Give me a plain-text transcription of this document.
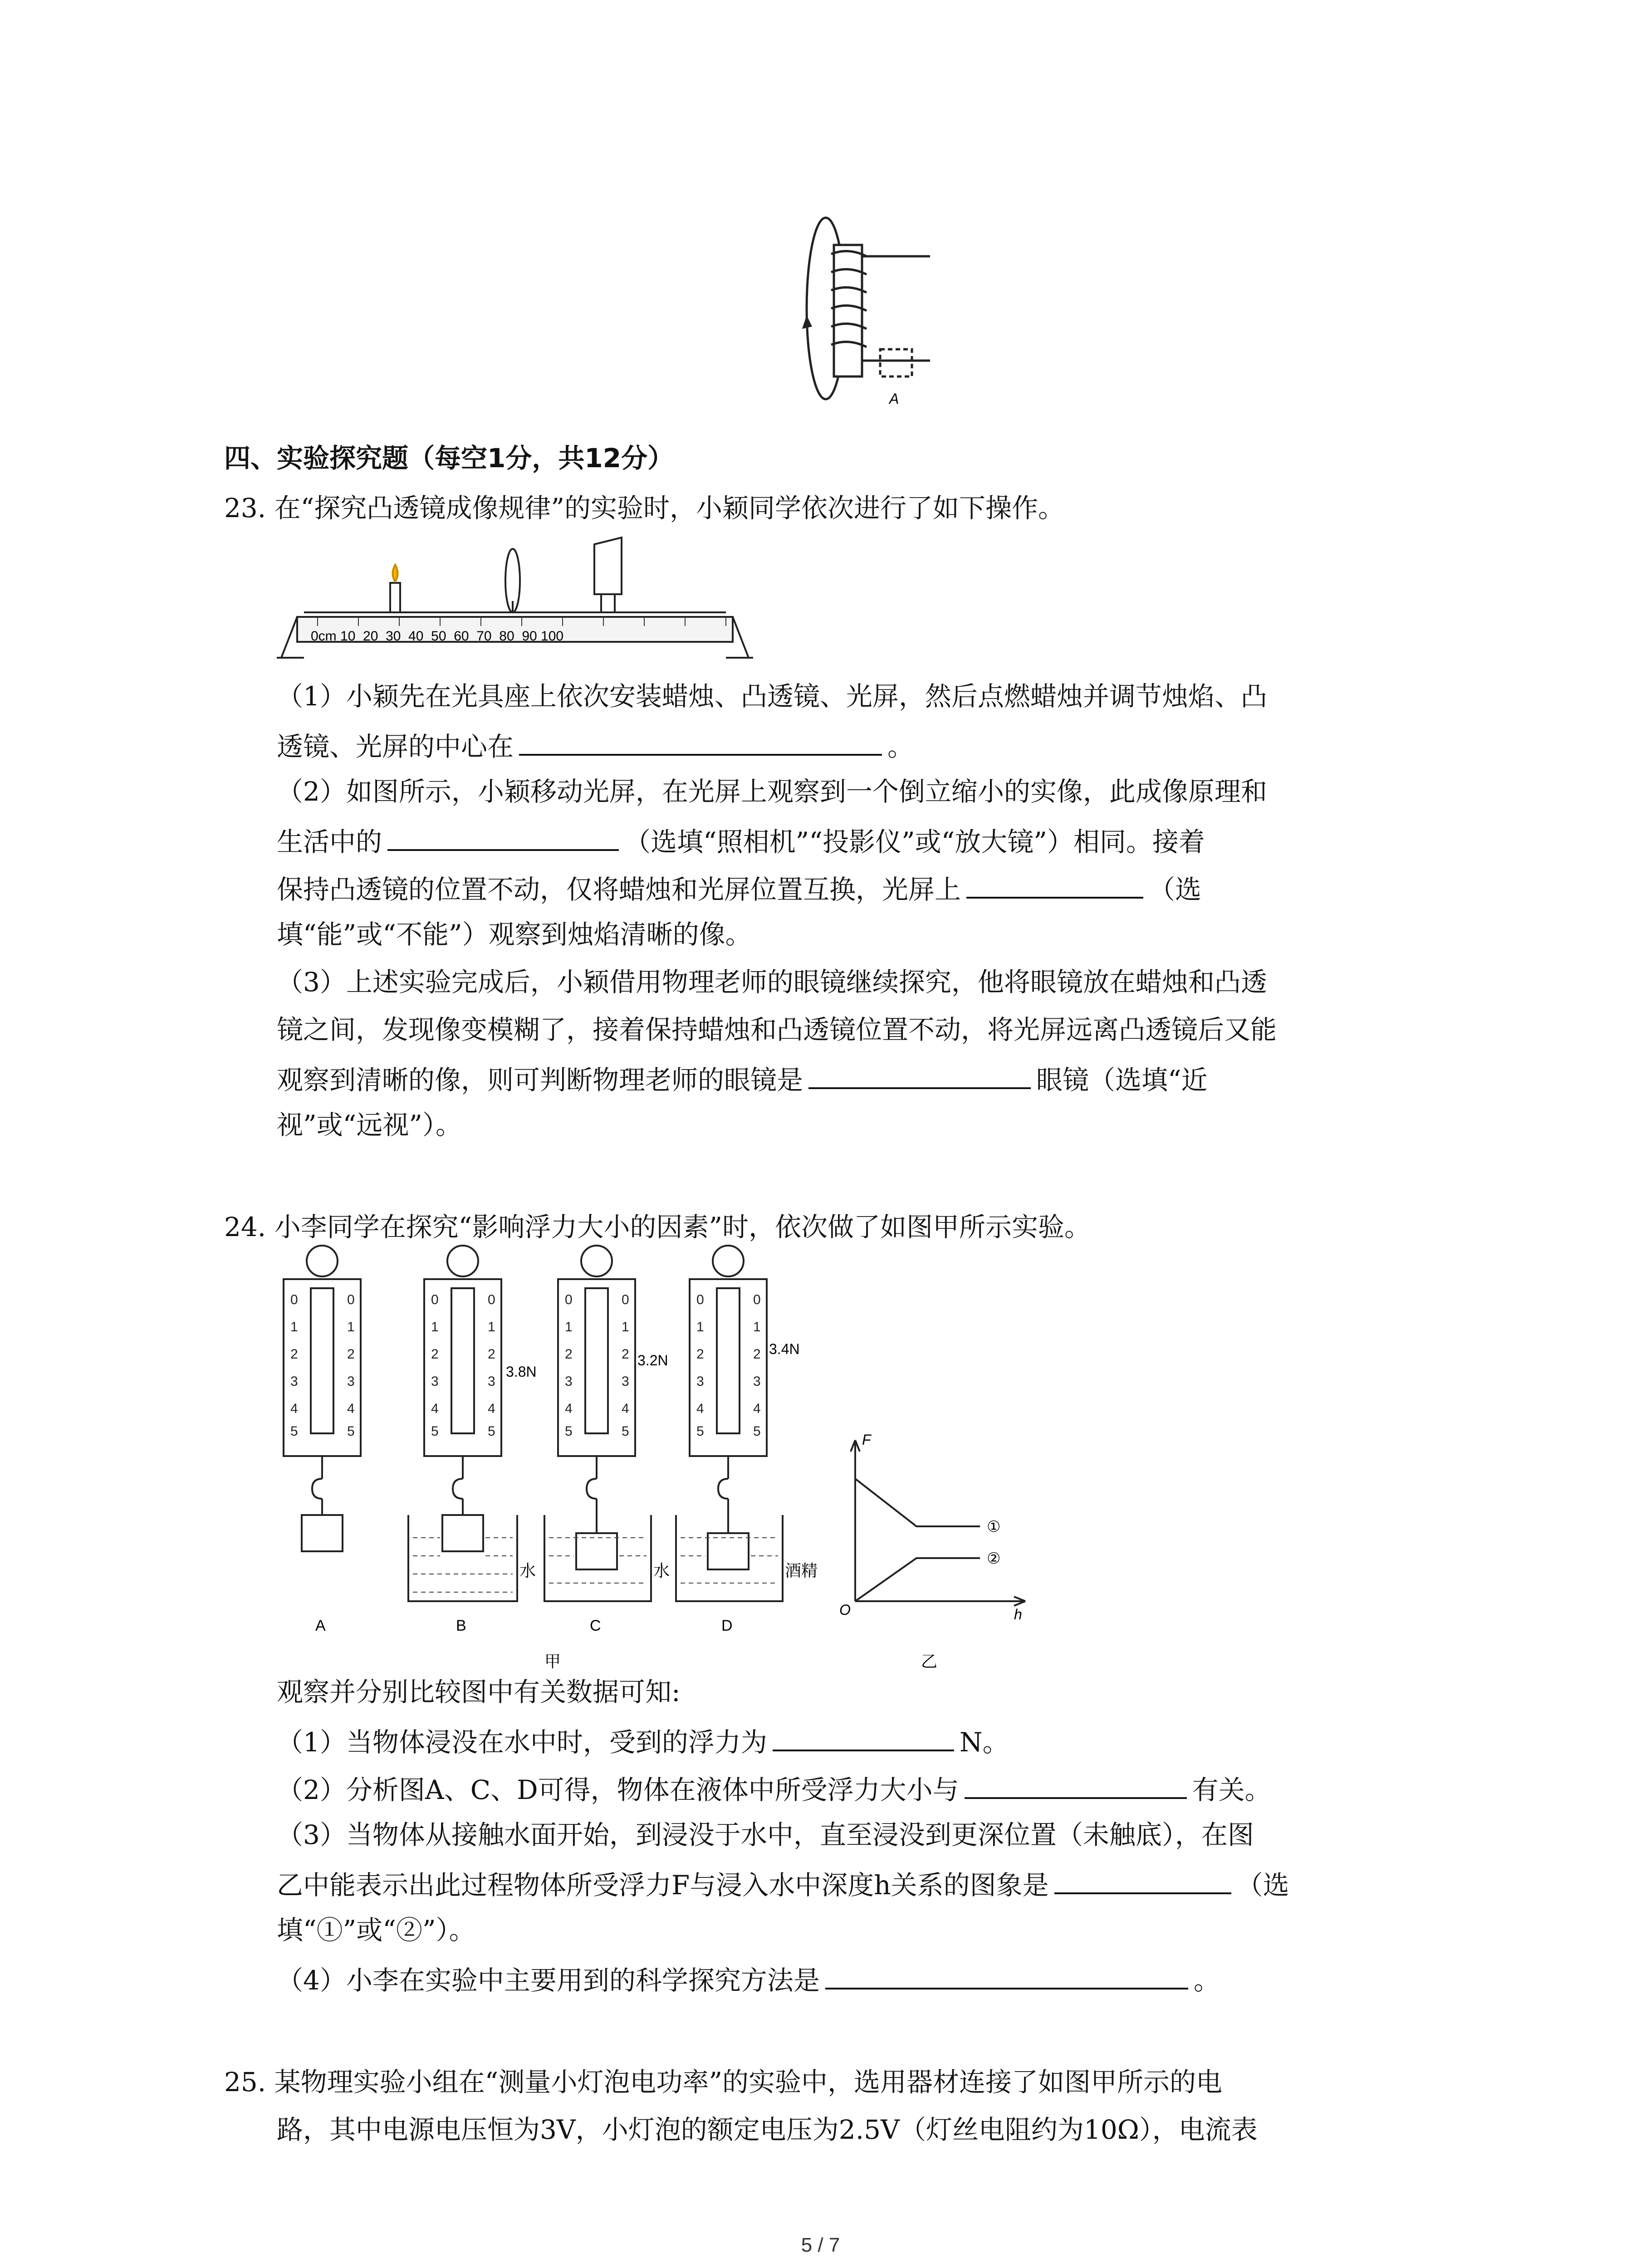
A
四、实验探究题（每空1分，共12分）
23. 在“探究凸透镜成像规律”的实验时，小颖同学依次进行了如下操作。
0cm 10  20  30  40  50  60  70  80  90 100
（1）小颖先在光具座上依次安装蜡烛、凸透镜、光屏，然后点燃蜡烛并调节烛焰、凸
透镜、光屏的中心在	。
（2）如图所示，小颖移动光屏，在光屏上观察到一个倒立缩小的实像，此成像原理和
生活中的	（选填“照相机”“投影仪”或“放大镜”）相同。接着
保持凸透镜的位置不动，仅将蜡烛和光屏位置互换，光屏上	（选
填“能”或“不能”）观察到烛焰清晰的像。
（3）上述实验完成后，小颖借用物理老师的眼镜继续探究，他将眼镜放在蜡烛和凸透
镜之间，发现像变模糊了，接着保持蜡烛和凸透镜位置不动，将光屏远离凸透镜后又能
观察到清晰的像，则可判断物理老师的眼镜是	眼镜（选填“近
视”或“远视”）。
24. 小李同学在探究“影响浮力大小的因素”时，依次做了如图甲所示实验。
0
1
2
3
4
5
0
1
2
3
4
5
0
1
2
3
4
5
0
1
2
3
4
5
0
1
2
3
4
5
0
1
2
3
4
5
0
1
2
3
4
5
0
1
2
3
4
5
3.8N
3.2N
3.4N
水	水	酒精
A	B	C	D
甲
F
h
O
①
②
乙
观察并分别比较图中有关数据可知:
（1）当物体浸没在水中时，受到的浮力为	N。
（2）分析图A、C、D可得，物体在液体中所受浮力大小与	有关。
（3）当物体从接触水面开始，到浸没于水中，直至浸没到更深位置（未触底），在图
乙中能表示出此过程物体所受浮力F与浸入水中深度h关系的图象是	（选
填“①”或“②”）。
（4）小李在实验中主要用到的科学探究方法是	。
25. 某物理实验小组在“测量小灯泡电功率”的实验中，选用器材连接了如图甲所示的电
路，其中电源电压恒为3V，小灯泡的额定电压为2.5V（灯丝电阻约为10Ω），电流表
5 / 7
